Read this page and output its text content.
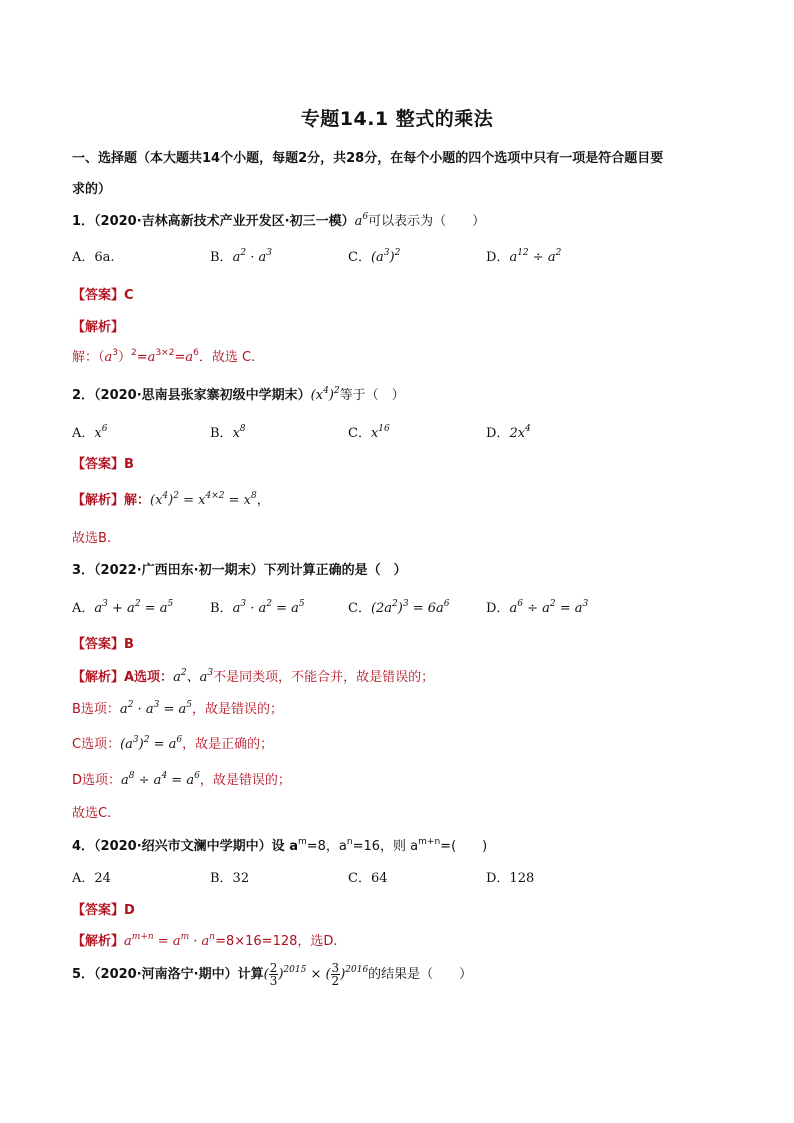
专题14.1 整式的乘法
一、选择题（本大题共14个小题，每题2分，共28分，在每个小题的四个选项中只有一项是符合题目要
求的）
1．（2020·吉林高新技术产业开发区·初三一模）$a^6$可以表示为（　　）
A．6a.	B．$a^2 \cdot a^3$	C．$(a^3)^2$	D．$a^{12} \div a^2$
【答案】C
【解析】
解：$(a^3)^2=a^{3\times 2}=a^6$．故选 C.
2．（2020·思南县张家寨初级中学期末）$(x^4)^2$等于（　）
A．$x^6$	B．$x^8$	C．$x^{16}$	D．$2x^4$
【答案】B
【解析】解：$(x^4)^2 = x^{4\times 2} = x^8$，
故选B.
3．（2022·广西田东·初一期末）下列计算正确的是（　）
A．$a^3 + a^2 = a^5$	B．$a^3 \cdot a^2 = a^5$	C．$(2a^2)^3 = 6a^6$	D．$a^6 \div a^2 = a^3$
【答案】B
【解析】A选项：$a^2$、$a^3$不是同类项，不能合并，故是错误的；
B选项：$a^2 \cdot a^3 = a^5$，故是错误的；
C选项：$(a^3)^2 = a^6$，故是正确的；
D选项：$a^8 \div a^4 = a^6$，故是错误的；
故选C.
4．（2020·绍兴市文澜中学期中）设 $a^m=8$，$a^n=16$，则 $a^{m+n}=$(　　)
A．24	B．32	C．64	D．128
【答案】D
【解析】$a^{m+n} = a^m \cdot a^n=8\times 16=128$，选D.
5．（2020·河南洛宁·期中）计算( $\frac{2}{3} )^{2015}$ × ( $\frac{3}{2} )^{2016}$的结果是（　　）
